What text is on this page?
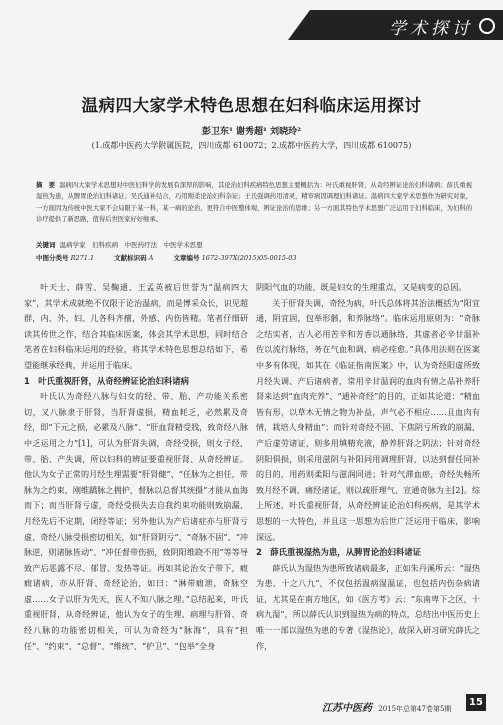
学术探讨
温病四大家学术特色思想在妇科临床运用探讨
彭卫东¹ 谢秀超¹ 刘晓玲²
(1.成都中医药大学附属医院，四川成都 610072；2.成都中医药大学，四川成都 610075)
摘　要 温病四大家学术思想对中医妇科学的发展有深厚的影响，其论治妇科疾病特色思想主要概括为：叶氏重视肝肾，从奇经辨证论治妇科诸病；薛氏重视湿热为患，从脾胃论治妇科诸证；吴氏通补结合，巧用刚柔论治妇科杂证；王氏强调药用清灵，精审病因调理妇科诸证。温病四大家学术思想作为研究对象，一方面因为传统中医大家不会局限于某一科，某一病的论治，更符合中医整体观，辨证论治的思维；另一方面其特色学术思想广泛运用于妇科临床，为妇科的诊疗提供了新思路，值得后世医家好好继承。
关键词 温病学家　妇科疾病　中医药疗法　中医学术思想
中图分类号 R271.1	文献标识码 A	文章编号 1672-397X(2015)05-0015-03

叶天士、薛雪、吴鞠通、王孟英被后世誉为“温病四大家”，其学术成就绝不仅限于论治温病，而是博采众长，识见超群，内、外、妇、儿各科齐擅，外感、内伤皆精。笔者仔细研读其传世之作，结合其临床医案，体会其学术思想，同时结合笔者在妇科临床运用的经验，将其学术特色思想总结如下，希望能继承经典，并运用于临床。

1　叶氏重视肝肾，从奇经辨证论治妇科诸病

叶氏认为奇经八脉与妇女的经、带、胎、产功能关系密切，又八脉隶于肝肾，当肝肾虚损，精血耗乏，必然累及奇经，即“下元之损，必累及八脉”、“肝血肾精受戕，致奇经八脉中乏运用之力”[1]，可认为肝肾失调，奇经受损，则女子经、带、胎、产失调，所以妇科的辨证要重视肝肾、从奇经辨证。他认为女子正常的月经生理需要“肝肾健”、“任脉为之担任，带脉为之约束，刚维蹻脉之拥护，督脉以总督其统摄”才能从血海而下；而当肝肾亏虚，奇经受损失去自我约束功能则致崩漏、月经先后不定期，闭经等证；另外他认为产后诸症亦与肝肾亏虚、奇经八脉受损密切相关，如“肝肾阴亏”、“奇脉不固”、“冲脉逆，则诸脉皆动”、“冲任督带伤损，致阴阳维跷不用”等等导致产后恶露不尽、郁冒、发热等证。再如其论治女子带下，瘕瘕诸病，亦从肝肾、奇经论治，如曰：“淋带瘕泄，奇脉空虚……女子以肝为先天，医人不知八脉之理。”总结起来，叶氏重视肝肾，从奇经辨证，他认为女子的生理、病理与肝肾、奇经八脉的功能密切相关，可认为奇经为“脉海”，具有“担任”、“约束”、“总督”、“维统”、“护卫”、“包举”全身

阴阳气血的功能，既是妇女的生理重点，又是病变的总因。

关于肝肾失调，奇经为病，叶氏总体将其治法概括为“阳宜通，阴宜固，包举形骸，和养脉络”。临床运用原则为：“奇脉之结实者，古人必用苦辛和芳香以通脉络，其虚者必辛甘温补佐以流行脉络，务在气血和调，病必痊愈。”具体用法则在医案中多有体现，如其在《临证指南医案》中，认为奇经阳虚所致月经失调、产后诸病者，常用辛甘温润的血肉有情之品补养肝肾来达到“血肉充养”、“通补奇经”的目的，正如其论道：“精血皆有形，以草木无情之物为补益，声气必不相应……且血肉有情，栽培人身精血”；而针对奇经不固、下焦阴亏所致的崩漏、产后虚劳诸证，则多用填精充液，静养肝肾之阴法；针对奇经阴阳俱损，则采用滋阴与补阳同用调理肝肾，以达到督任同补的目的，用药则柔阳与滋润同进；针对气滞血瘀，奇经失畅所致月经不调，痛经诸证，则以疏肝理气、宣通奇脉为主[2]。综上所述，叶氏重视肝肾，从奇经辨证论治妇科疾病，是其学术思想的一大特色，并且这一思想为后世广泛运用于临床，影响深远。

2　薛氏重视湿热为患，从脾胃论治妇科诸证

薛氏认为湿热为患所致诸病最多，正如朱丹溪所云：“湿热为患，十之八九”，不仅包括温病湿温证，也包括内伤杂病诸证，尤其是在南方地区，如《医方考》云：“东南卑下之区，十病九湿”，所以薛氏认识到湿热为病的特点，总结出中医历史上唯一一部以湿热为患的专著《湿热论》，故深入研习研究薛氏之作，

江苏中医药 2015年总第47卷第5期
15
